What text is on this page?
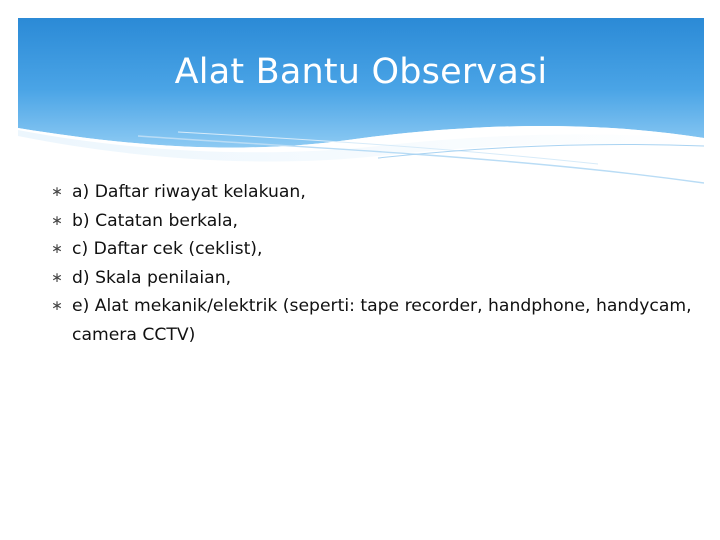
Alat Bantu Observasi
∗ a) Daftar riwayat kelakuan,
∗ b) Catatan berkala,
∗ c) Daftar cek (ceklist),
∗ d) Skala penilaian,
∗ e) Alat mekanik/elektrik (seperti: tape recorder, handphone, handycam, camera CCTV)
